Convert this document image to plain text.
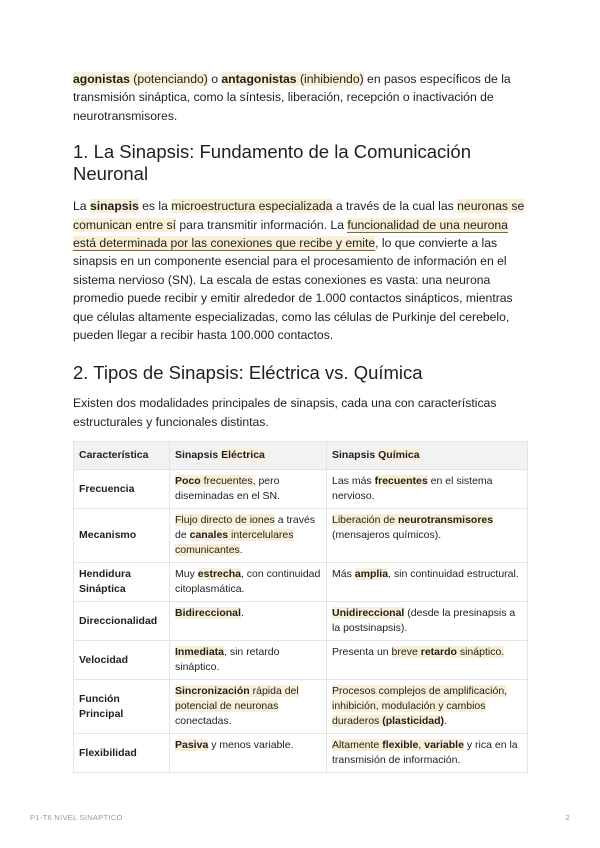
agonistas (potenciando) o antagonistas (inhibiendo) en pasos específicos de la transmisión sináptica, como la síntesis, liberación, recepción o inactivación de neurotransmisores.

1. La Sinapsis: Fundamento de la Comunicación Neuronal

La sinapsis es la microestructura especializada a través de la cual las neuronas se comunican entre sí para transmitir información. La funcionalidad de una neurona está determinada por las conexiones que recibe y emite, lo que convierte a las sinapsis en un componente esencial para el procesamiento de información en el sistema nervioso (SN). La escala de estas conexiones es vasta: una neurona promedio puede recibir y emitir alrededor de 1.000 contactos sinápticos, mientras que células altamente especializadas, como las células de Purkinje del cerebelo, pueden llegar a recibir hasta 100.000 contactos.

2. Tipos de Sinapsis: Eléctrica vs. Química

Existen dos modalidades principales de sinapsis, cada una con características estructurales y funcionales distintas.

Característica	Sinapsis Eléctrica	Sinapsis Química
Frecuencia	Poco frecuentes, pero diseminadas en el SN.	Las más frecuentes en el sistema nervioso.
Mecanismo	Flujo directo de iones a través de canales intercelulares comunicantes.	Liberación de neurotransmisores (mensajeros químicos).
Hendidura Sináptica	Muy estrecha, con continuidad citoplasmática.	Más amplia, sin continuidad estructural.
Direccionalidad	Bidireccional.	Unidireccional (desde la presinapsis a la postsinapsis).
Velocidad	Inmediata, sin retardo sináptico.	Presenta un breve retardo sináptico.
Función Principal	Sincronización rápida del potencial de neuronas conectadas.	Procesos complejos de amplificación, inhibición, modulación y cambios duraderos (plasticidad).
Flexibilidad	Pasiva y menos variable.	Altamente flexible, variable y rica en la transmisión de información.
P1-T6 NIVEL SINAPTICO	2
